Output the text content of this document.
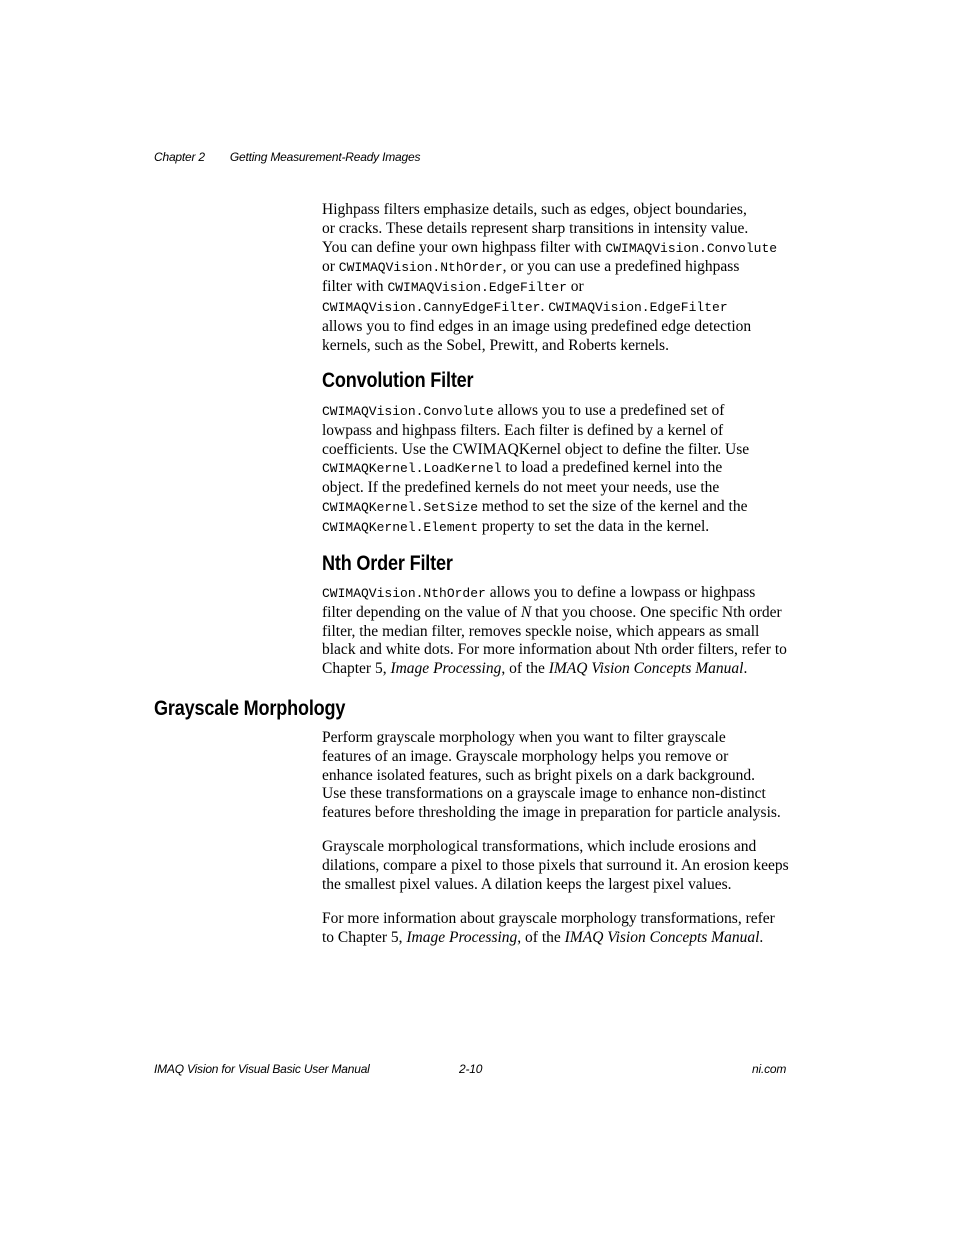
Chapter 2 Getting Measurement-Ready Images

Highpass filters emphasize details, such as edges, object boundaries,

or cracks. These details represent sharp transitions in intensity value.

You can define your own highpass filter with CWIMAQVision.Convolute

or CWIMAQVision.NthOrder, or you can use a predefined highpass

filter with CWIMAQVision.EdgeFilter or

CWIMAQVision.CannyEdgeFilter. CWIMAQVision.EdgeFilter

allows you to find edges in an image using predefined edge detection

kernels, such as the Sobel, Prewitt, and Roberts kernels.

Convolution Filter

CWIMAQVision.Convolute allows you to use a predefined set of

lowpass and highpass filters. Each filter is defined by a kernel of

coefficients. Use the CWIMAQKernel object to define the filter. Use

CWIMAQKernel.LoadKernel to load a predefined kernel into the

object. If the predefined kernels do not meet your needs, use the

CWIMAQKernel.SetSize method to set the size of the kernel and the

CWIMAQKernel.Element property to set the data in the kernel.

Nth Order Filter

CWIMAQVision.NthOrder allows you to define a lowpass or highpass

filter depending on the value of N that you choose. One specific Nth order

filter, the median filter, removes speckle noise, which appears as small

black and white dots. For more information about Nth order filters, refer to

Chapter 5, Image Processing, of the IMAQ Vision Concepts Manual.

Grayscale Morphology

Perform grayscale morphology when you want to filter grayscale

features of an image. Grayscale morphology helps you remove or

enhance isolated features, such as bright pixels on a dark background.

Use these transformations on a grayscale image to enhance non-distinct

features before thresholding the image in preparation for particle analysis.

Grayscale morphological transformations, which include erosions and

dilations, compare a pixel to those pixels that surround it. An erosion keeps

the smallest pixel values. A dilation keeps the largest pixel values.

For more information about grayscale morphology transformations, refer

to Chapter 5, Image Processing, of the IMAQ Vision Concepts Manual.

IMAQ Vision for Visual Basic User Manual	2-10	ni.com
